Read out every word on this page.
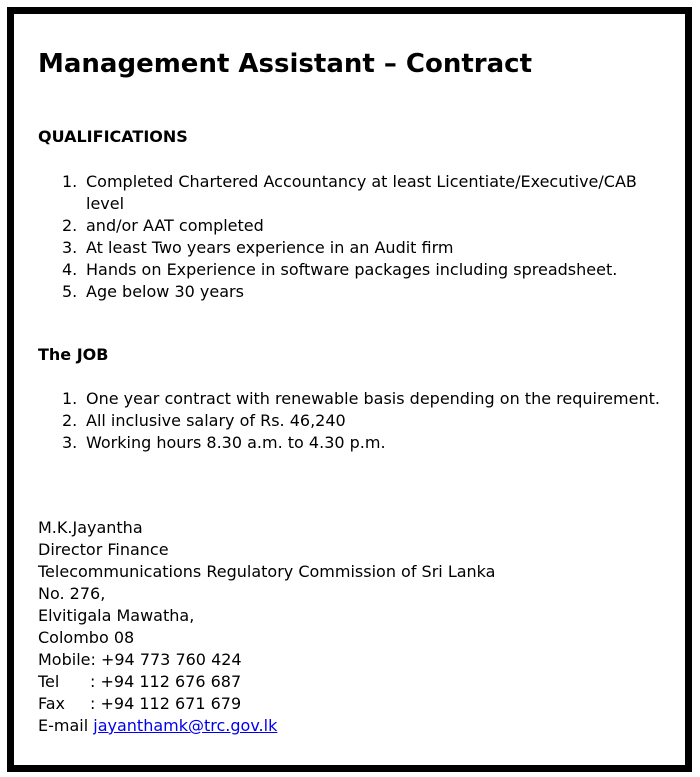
Management Assistant – Contract
QUALIFICATIONS
1. Completed Chartered Accountancy at least Licentiate/Executive/CAB level
2. and/or AAT completed
3. At least Two years experience in an Audit firm
4. Hands on Experience in software packages including spreadsheet.
5. Age below 30 years
The JOB
1. One year contract with renewable basis depending on the requirement.
2. All inclusive salary of Rs. 46,240
3. Working hours 8.30 a.m. to 4.30 p.m.
M.K.Jayantha
Director Finance
Telecommunications Regulatory Commission of Sri Lanka
No. 276,
Elvitigala Mawatha,
Colombo 08
Mobile: +94 773 760 424
Tel : +94 112 676 687
Fax : +94 112 671 679
E-mail jayanthamk@trc.gov.lk
